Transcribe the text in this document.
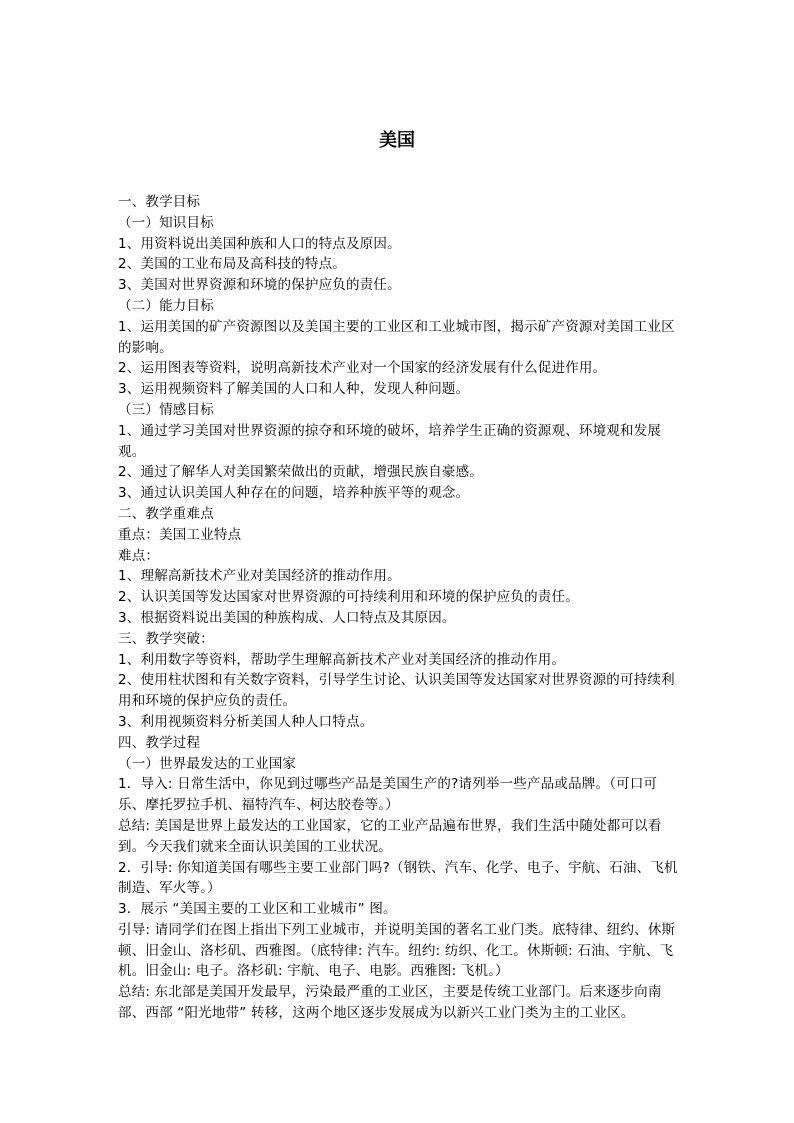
美国

一、教学目标

（一）知识目标

1、用资料说出美国种族和人口的特点及原因。

2、美国的工业布局及高科技的特点。

3、美国对世界资源和环境的保护应负的责任。

（二）能力目标

1、运用美国的矿产资源图以及美国主要的工业区和工业城市图，揭示矿产资源对美国工业区的影响。

2、运用图表等资料，说明高新技术产业对一个国家的经济发展有什么促进作用。

3、运用视频资料了解美国的人口和人种，发现人种问题。

（三）情感目标

1、通过学习美国对世界资源的掠夺和环境的破坏，培养学生正确的资源观、环境观和发展观。

2、通过了解华人对美国繁荣做出的贡献，增强民族自豪感。

3、通过认识美国人种存在的问题，培养种族平等的观念。

二、教学重难点

重点：美国工业特点

难点：

1、理解高新技术产业对美国经济的推动作用。

2、认识美国等发达国家对世界资源的可持续利用和环境的保护应负的责任。

3、根据资料说出美国的种族构成、人口特点及其原因。

三、教学突破：

1、利用数字等资料，帮助学生理解高新技术产业对美国经济的推动作用。

2、使用柱状图和有关数字资料，引导学生讨论、认识美国等发达国家对世界资源的可持续利用和环境的保护应负的责任。

3、利用视频资料分析美国人种人口特点。

四、教学过程

（一）世界最发达的工业国家

1．导入: 日常生活中，你见到过哪些产品是美国生产的?请列举一些产品或品牌。（可口可乐、摩托罗拉手机、福特汽车、柯达胶卷等。）

总结: 美国是世界上最发达的工业国家，它的工业产品遍布世界，我们生活中随处都可以看到。今天我们就来全面认识美国的工业状况。

2．引导: 你知道美国有哪些主要工业部门吗?（钢铁、汽车、化学、电子、宇航、石油、飞机制造、军火等。）

3．展示 “美国主要的工业区和工业城市” 图。

引导: 请同学们在图上指出下列工业城市，并说明美国的著名工业门类。底特律、纽约、休斯顿、旧金山、洛杉矶、西雅图。（底特律: 汽车。纽约: 纺织、化工。休斯顿: 石油、宇航、飞机。旧金山: 电子。洛杉矶: 宇航、电子、电影。西雅图: 飞机。）

总结: 东北部是美国开发最早，污染最严重的工业区，主要是传统工业部门。后来逐步向南部、西部 “阳光地带” 转移，这两个地区逐步发展成为以新兴工业门类为主的工业区。
